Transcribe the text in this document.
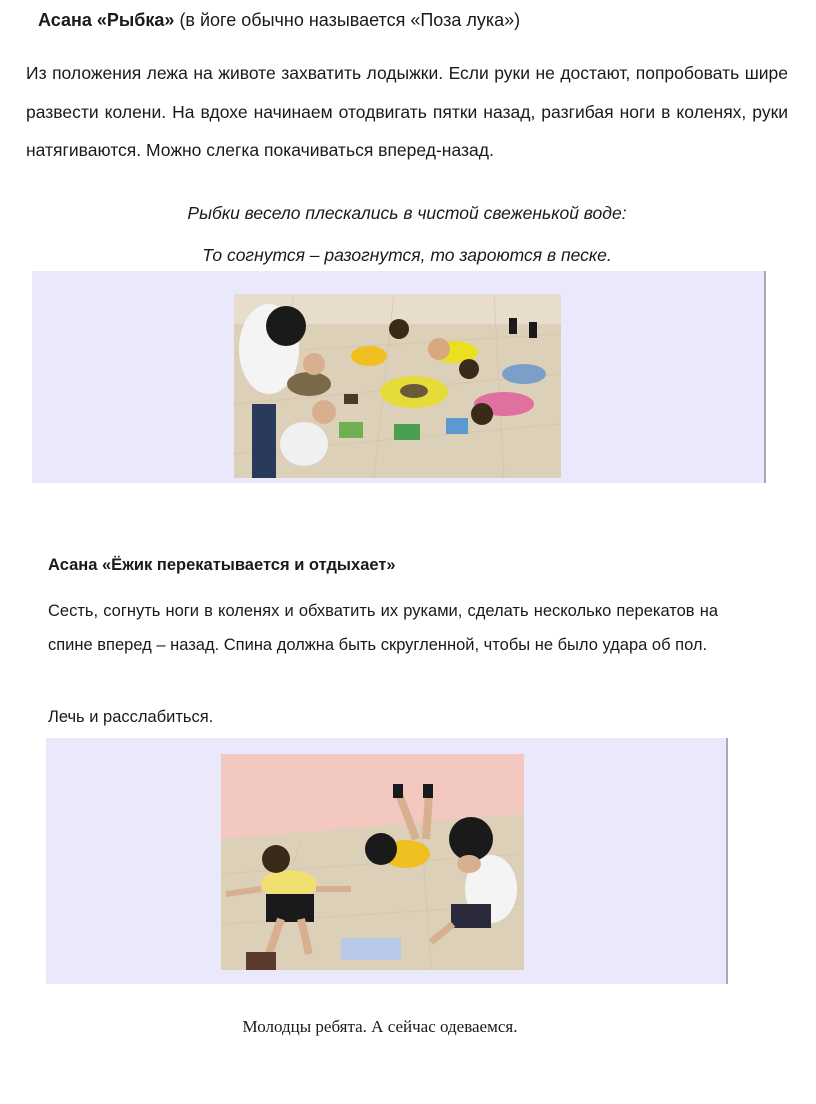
Асана «Рыбка» (в йоге обычно называется «Поза лука»)
Из положения лежа на животе захватить лодыжки. Если руки не достают, попробовать шире развести колени. На вдохе начинаем отодвигать пятки назад, разгибая ноги в коленях, руки натягиваются. Можно слегка покачиваться вперед-назад.
Рыбки весело плескались в чистой свеженькой воде:
То согнутся – разогнутся, то зароются в песке.
Асана «Ёжик перекатывается и отдыхает»
Сесть, согнуть ноги в коленях и обхватить их руками, сделать несколько перекатов на спине вперед – назад. Спина должна быть скругленной, чтобы не было удара об пол.
Лечь и расслабиться.
Молодцы ребята. А сейчас одеваемся.
